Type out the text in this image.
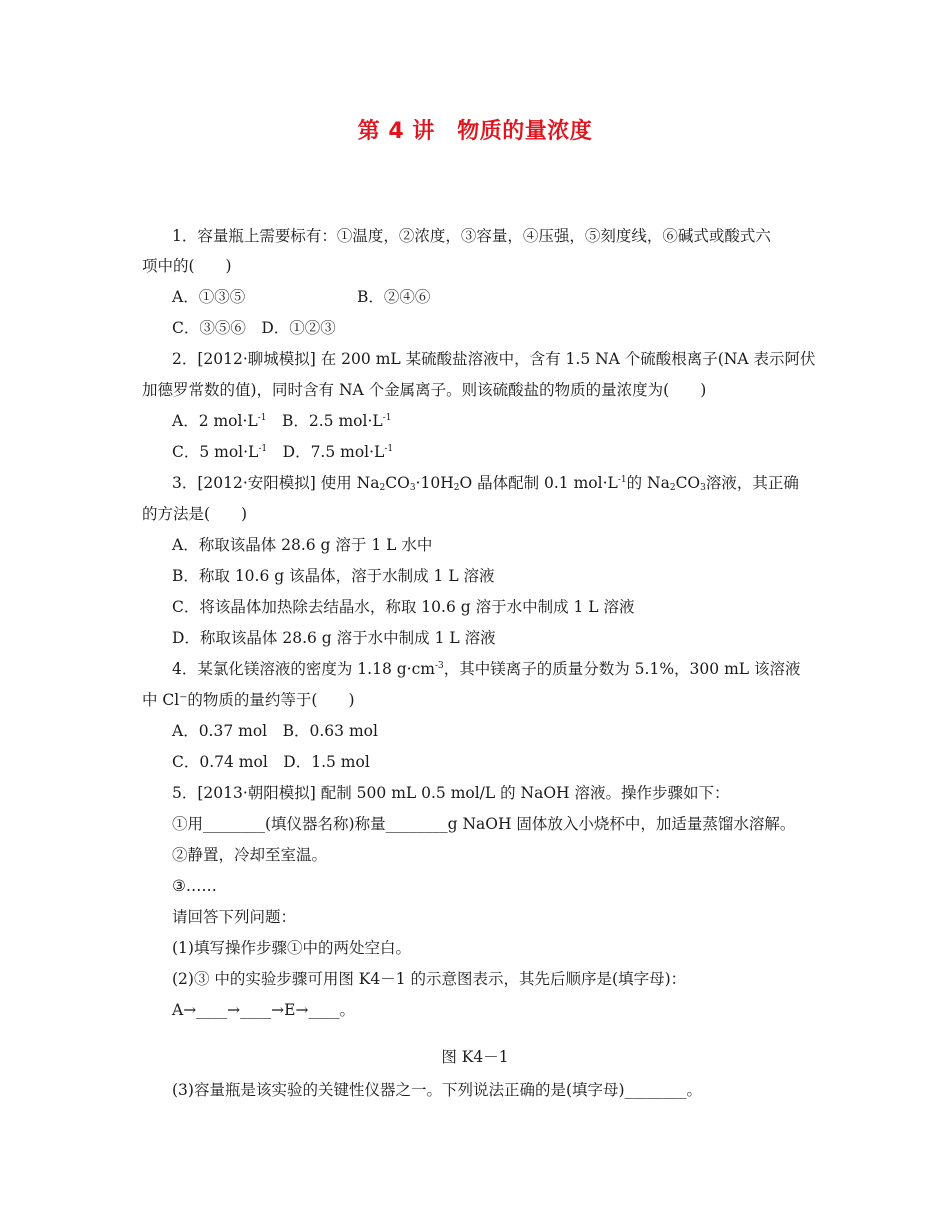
第 4 讲　物质的量浓度
1．容量瓶上需要标有：①温度，②浓度，③容量，④压强，⑤刻度线，⑥碱式或酸式六
项中的(　　)
A．①③⑤	B．②④⑥
C．③⑤⑥　D．①②③
2．[2012·聊城模拟] 在 200 mL 某硫酸盐溶液中，含有 1.5 NA 个硫酸根离子(NA 表示阿伏
加德罗常数的值)，同时含有 NA 个金属离子。则该硫酸盐的物质的量浓度为(　　)
A．2 $mol\cdot L^{-1}$　B．2.5 $mol\cdot L^{-1}$
C．5 $mol\cdot L^{-1}$　D．7.5 $mol\cdot L^{-1}$
3．[2012·安阳模拟] 使用 $Na_2CO_3\cdot 10H_2O$ 晶体配制 0.1 $mol\cdot L^{-1}$的 $Na_2CO_3$溶液，其正确
的方法是(　　)
A．称取该晶体 28.6 g 溶于 1 L 水中
B．称取 10.6 g 该晶体，溶于水制成 1 L 溶液
C．将该晶体加热除去结晶水，称取 10.6 g 溶于水中制成 1 L 溶液
D．称取该晶体 28.6 g 溶于水中制成 1 L 溶液
4．某氯化镁溶液的密度为 1.18 $g\cdot cm^{-3}$，其中镁离子的质量分数为 5.1%，300 mL 该溶液
中 Cl⁻的物质的量约等于(　　)
A．0.37 mol　B．0.63 mol
C．0.74 mol　D．1.5 mol
5．[2013·朝阳模拟] 配制 500 mL 0.5 mol/L 的 NaOH 溶液。操作步骤如下：
①用________(填仪器名称)称量________g NaOH 固体放入小烧杯中，加适量蒸馏水溶解。
②静置，冷却至室温。
③……
请回答下列问题：
(1)填写操作步骤①中的两处空白。
(2)③ 中的实验步骤可用图 K4－1 的示意图表示，其先后顺序是(填字母)：
A→____→____→E→____。
图 K4－1
(3)容量瓶是该实验的关键性仪器之一。下列说法正确的是(填字母)________。
